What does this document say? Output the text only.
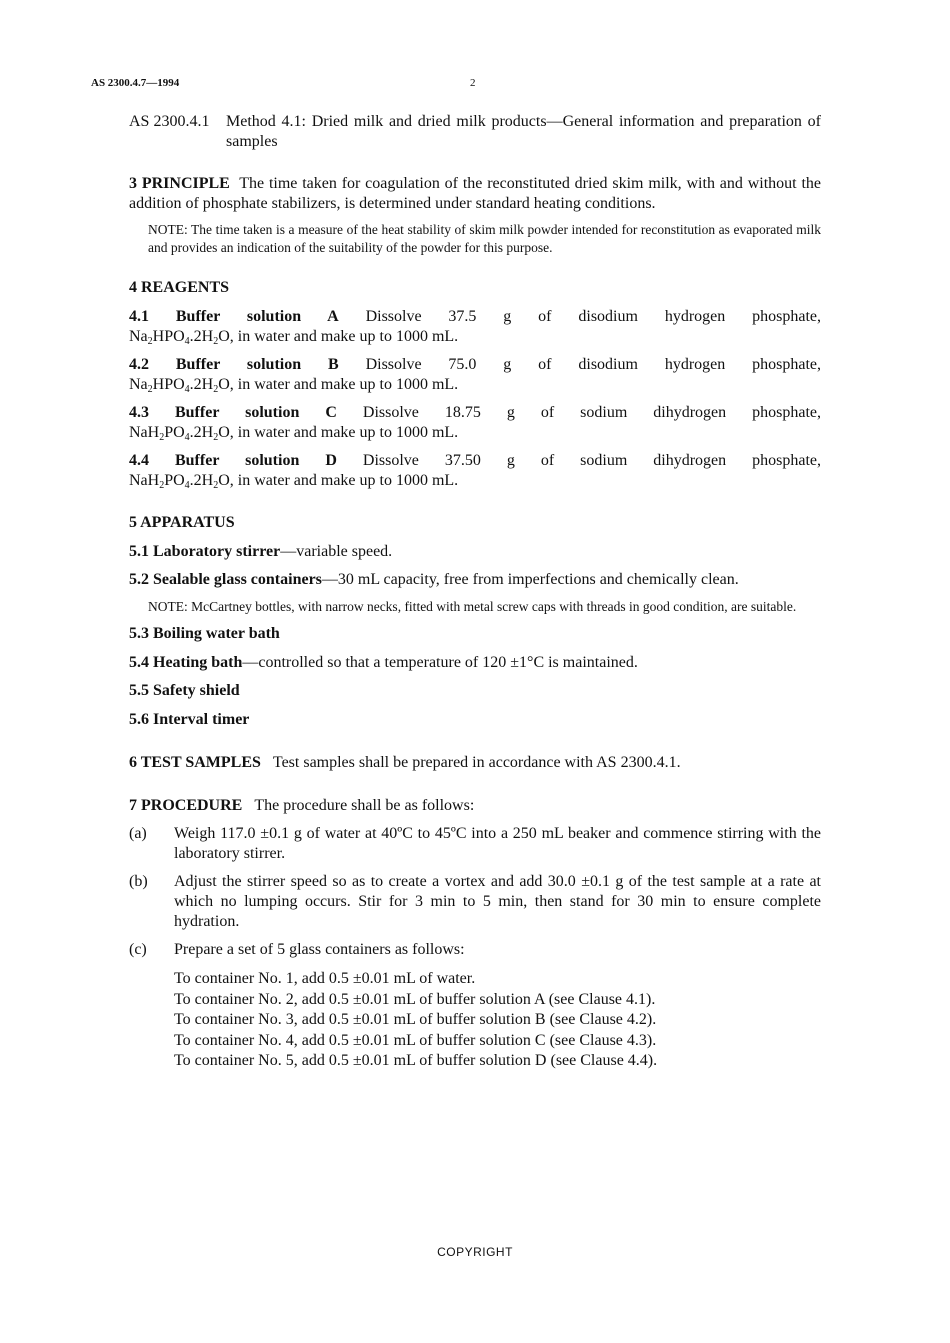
AS 2300.4.7—1994	2
AS 2300.4.1	Method 4.1: Dried milk and dried milk products—General information and preparation of samples

3 PRINCIPLE The time taken for coagulation of the reconstituted dried skim milk, with and without the addition of phosphate stabilizers, is determined under standard heating conditions.

NOTE: The time taken is a measure of the heat stability of skim milk powder intended for reconstitution as evaporated milk and provides an indication of the suitability of the powder for this purpose.

4 REAGENTS

4.1 Buffer solution A Dissolve 37.5 g of disodium hydrogen phosphate,

$Na_2HPO_4.2H_2O$, in water and make up to 1000 mL.

4.2 Buffer solution B Dissolve 75.0 g of disodium hydrogen phosphate,

$Na_2HPO_4.2H_2O$, in water and make up to 1000 mL.

4.3 Buffer solution C Dissolve 18.75 g of sodium dihydrogen phosphate,

$NaH_2PO_4.2H_2O$, in water and make up to 1000 mL.

4.4 Buffer solution D Dissolve 37.50 g of sodium dihydrogen phosphate,

$NaH_2PO_4.2H_2O$, in water and make up to 1000 mL.

5 APPARATUS

5.1 Laboratory stirrer—variable speed.

5.2 Sealable glass containers—30 mL capacity, free from imperfections and chemically clean.

NOTE: McCartney bottles, with narrow necks, fitted with metal screw caps with threads in good condition, are suitable.

5.3 Boiling water bath

5.4 Heating bath—controlled so that a temperature of 120 ±1°C is maintained.

5.5 Safety shield

5.6 Interval timer

6 TEST SAMPLES Test samples shall be prepared in accordance with AS 2300.4.1.

7 PROCEDURE The procedure shall be as follows:

(a)	Weigh 117.0 ±0.1 g of water at 40ºC to 45ºC into a 250 mL beaker and commence stirring with the laboratory stirrer.
(b)	Adjust the stirrer speed so as to create a vortex and add 30.0 ±0.1 g of the test sample at a rate at which no lumping occurs. Stir for 3 min to 5 min, then stand for 30 min to ensure complete hydration.
(c)	Prepare a set of 5 glass containers as follows:
To container No. 1, add 0.5 ±0.01 mL of water.
To container No. 2, add 0.5 ±0.01 mL of buffer solution A (see Clause 4.1).
To container No. 3, add 0.5 ±0.01 mL of buffer solution B (see Clause 4.2).
To container No. 4, add 0.5 ±0.01 mL of buffer solution C (see Clause 4.3).
To container No. 5, add 0.5 ±0.01 mL of buffer solution D (see Clause 4.4).
COPYRIGHT
